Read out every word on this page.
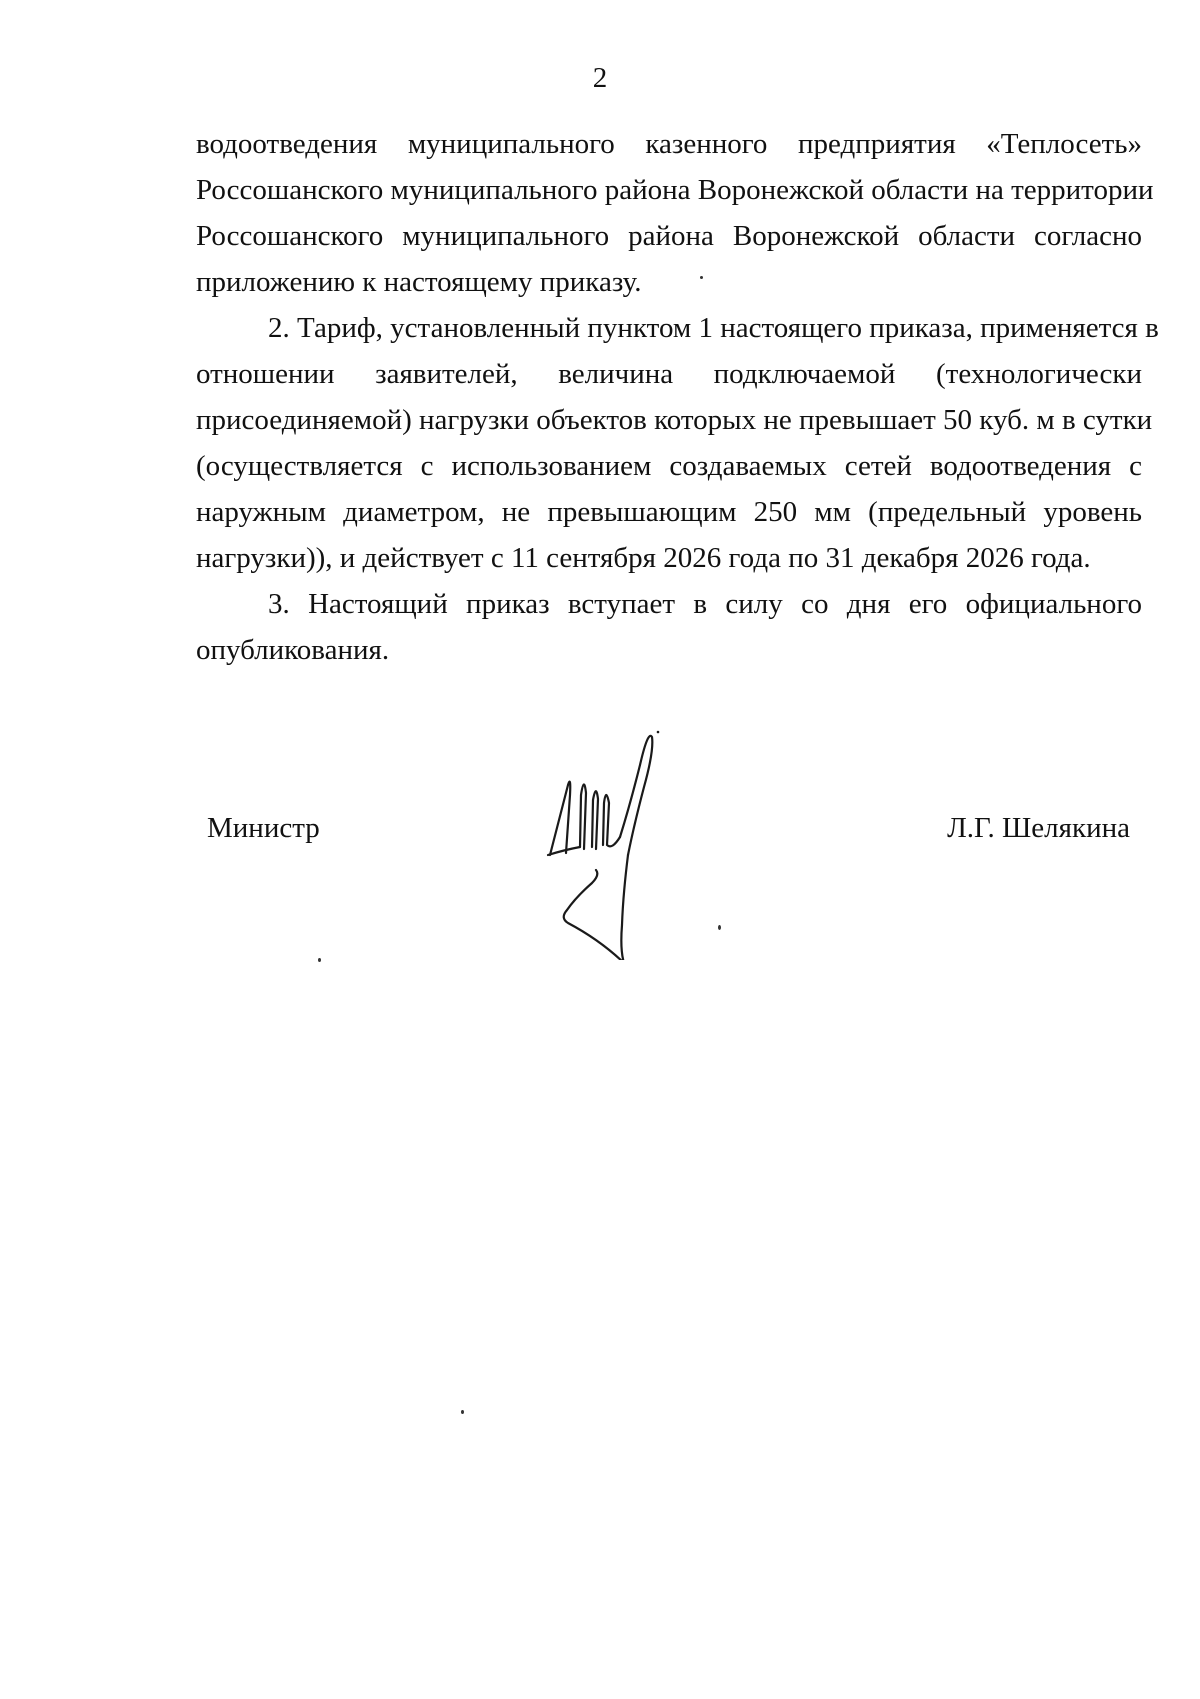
2
водоотведения муниципального казенного предприятия «Теплосеть»
Россошанского муниципального района Воронежской области на территории
Россошанского муниципального района Воронежской области согласно
приложению к настоящему приказу.
2. Тариф, установленный пунктом 1 настоящего приказа, применяется в
отношении заявителей, величина подключаемой (технологически
присоединяемой) нагрузки объектов которых не превышает 50 куб. м в сутки
(осуществляется с использованием создаваемых сетей водоотведения с
наружным диаметром, не превышающим 250 мм (предельный уровень
нагрузки)), и действует с 11 сентября 2026 года по 31 декабря 2026 года.
3. Настоящий приказ вступает в силу со дня его официального
опубликования.
Министр	Л.Г. Шелякина
